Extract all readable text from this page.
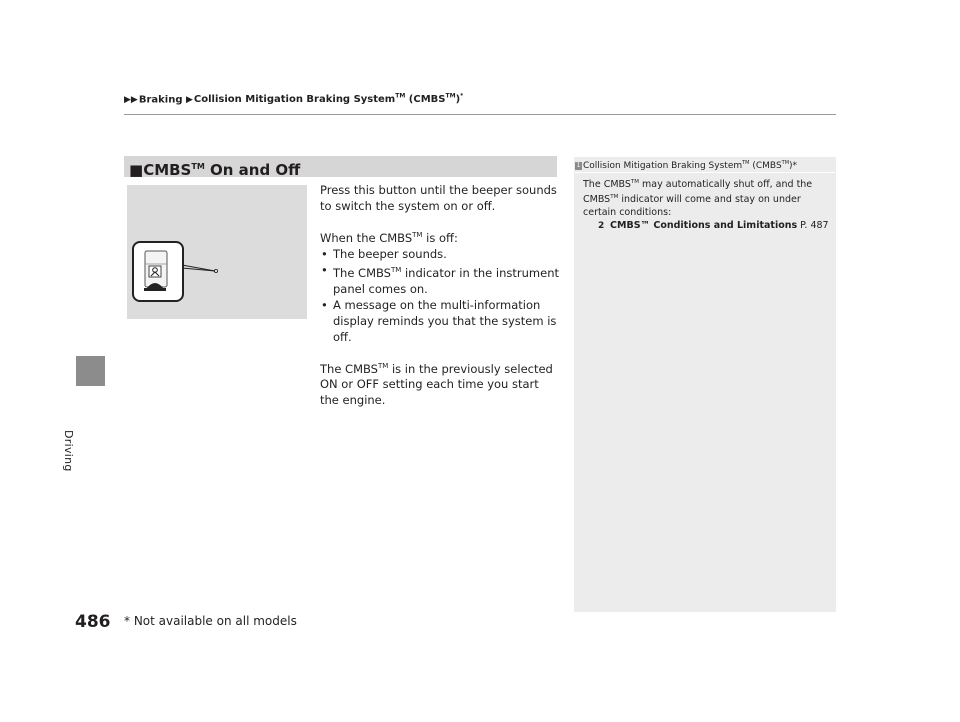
▶▶Braking ▶Collision Mitigation Braking System™ (CMBS™)*
Driving
■CMBS™ On and Off

Press this button until the beeper sounds to switch the system on or off.

When the CMBS™ is off:
• The beeper sounds.
• The CMBS™ indicator in the instrument panel comes on.
• A message on the multi-information display reminds you that the system is off.

The CMBS™ is in the previously selected ON or OFF setting each time you start the engine.

1 Collision Mitigation Braking System™ (CMBS™)*
The CMBS™ may automatically shut off, and the CMBS™ indicator will come and stay on under certain conditions:
2 CMBS™ Conditions and Limitations P. 487
486 * Not available on all models
